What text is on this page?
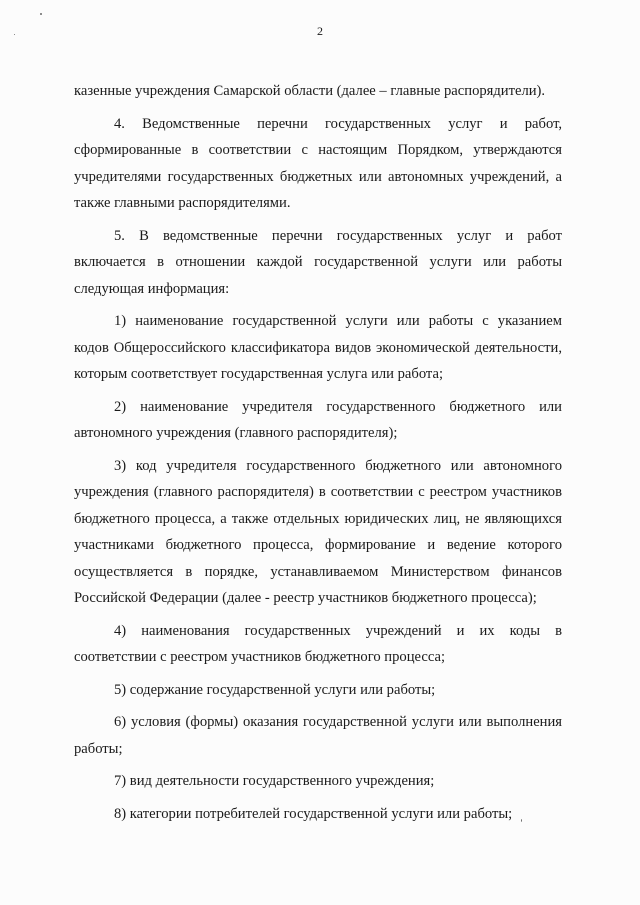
2

казенные учреждения Самарской области (далее – главные распорядители).

4. Ведомственные перечни государственных услуг и работ, сформированные в соответствии с настоящим Порядком, утверждаются учредителями государственных бюджетных или автономных учреждений, а также главными распорядителями.

5. В ведомственные перечни государственных услуг и работ включается в отношении каждой государственной услуги или работы следующая информация:

1) наименование государственной услуги или работы с указанием кодов Общероссийского классификатора видов экономической деятельности, которым соответствует государственная услуга или работа;

2) наименование учредителя государственного бюджетного или автономного учреждения (главного распорядителя);

3) код учредителя государственного бюджетного или автономного учреждения (главного распорядителя) в соответствии с реестром участников бюджетного процесса, а также отдельных юридических лиц, не являющихся участниками бюджетного процесса, формирование и ведение которого осуществляется в порядке, устанавливаемом Министерством финансов Российской Федерации (далее - реестр участников бюджетного процесса);

4) наименования государственных учреждений и их коды в соответствии с реестром участников бюджетного процесса;

5) содержание государственной услуги или работы;

6) условия (формы) оказания государственной услуги или выполнения работы;

7) вид деятельности государственного учреждения;

8) категории потребителей государственной услуги или работы;
